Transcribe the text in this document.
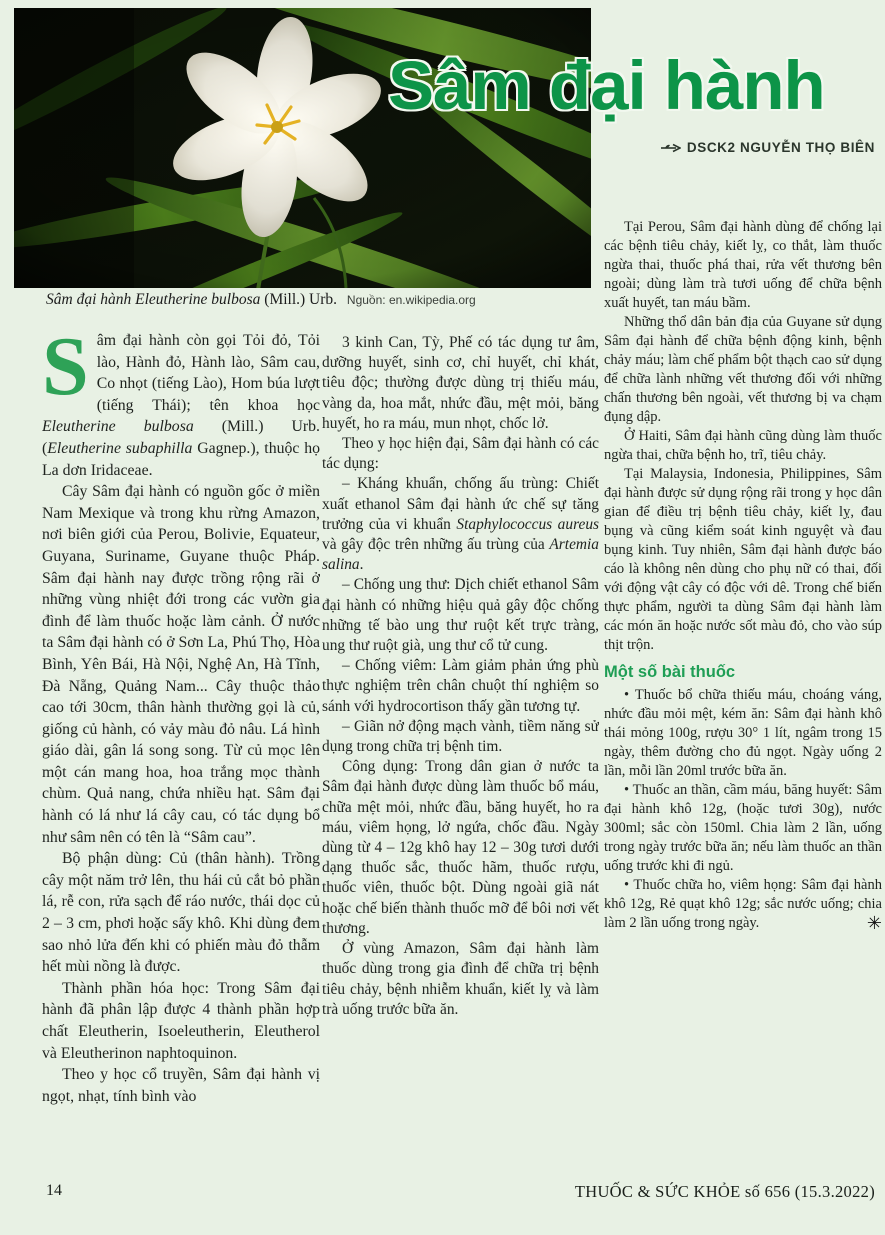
Sâm đại hành
DSCK2 NGUYỄN THỌ BIÊN
Sâm đại hành Eleutherine bulbosa (Mill.) Urb. Nguồn: en.wikipedia.org

Sâm đại hành còn gọi Tỏi đỏ, Tỏi lào, Hành đỏ, Hành lào, Sâm cau, Co nhọt (tiếng Lào), Hom búa lượt (tiếng Thái); tên khoa học Eleutherine bulbosa (Mill.) Urb. (Eleutherine subaphilla Gagnep.), thuộc họ La dơn Iridaceae.

Cây Sâm đại hành có nguồn gốc ở miền Nam Mexique và trong khu rừng Amazon, nơi biên giới của Perou, Bolivie, Equateur, Guyana, Suriname, Guyane thuộc Pháp. Sâm đại hành nay được trồng rộng rãi ở những vùng nhiệt đới trong các vườn gia đình để làm thuốc hoặc làm cảnh. Ở nước ta Sâm đại hành có ở Sơn La, Phú Thọ, Hòa Bình, Yên Bái, Hà Nội, Nghệ An, Hà Tĩnh, Đà Nẵng, Quảng Nam... Cây thuộc thảo cao tới 30cm, thân hành thường gọi là củ, giống củ hành, có vảy màu đỏ nâu. Lá hình giáo dài, gân lá song song. Từ củ mọc lên một cán mang hoa, hoa trắng mọc thành chùm. Quả nang, chứa nhiều hạt. Sâm đại hành có lá như lá cây cau, có tác dụng bổ như sâm nên có tên là “Sâm cau”.

Bộ phận dùng: Củ (thân hành). Trồng cây một năm trở lên, thu hái củ cắt bỏ phần lá, rễ con, rửa sạch để ráo nước, thái dọc củ 2 – 3 cm, phơi hoặc sấy khô. Khi dùng đem sao nhỏ lửa đến khi có phiến màu đỏ thẫm hết mùi nồng là được.

Thành phần hóa học: Trong Sâm đại hành đã phân lập được 4 thành phần hợp chất Eleutherin, Isoeleutherin, Eleutherol và Eleutherinon naphtoquinon.

Theo y học cổ truyền, Sâm đại hành vị ngọt, nhạt, tính bình vào

3 kinh Can, Tỳ, Phế có tác dụng tư âm, dưỡng huyết, sinh cơ, chỉ huyết, chỉ khát, tiêu độc; thường được dùng trị thiếu máu, vàng da, hoa mắt, nhức đầu, mệt mỏi, băng huyết, ho ra máu, mun nhọt, chốc lở.

Theo y học hiện đại, Sâm đại hành có các tác dụng:

– Kháng khuẩn, chống ấu trùng: Chiết xuất ethanol Sâm đại hành ức chế sự tăng trưởng của vi khuẩn Staphylococcus aureus và gây độc trên những ấu trùng của Artemia salina.

– Chống ung thư: Dịch chiết ethanol Sâm đại hành có những hiệu quả gây độc chống những tế bào ung thư ruột kết trực tràng, ung thư ruột già, ung thư cổ tử cung.

– Chống viêm: Làm giảm phản ứng phù thực nghiệm trên chân chuột thí nghiệm so sánh với hydrocortison thấy gần tương tự.

– Giãn nở động mạch vành, tiềm năng sử dụng trong chữa trị bệnh tim.

Công dụng: Trong dân gian ở nước ta Sâm đại hành được dùng làm thuốc bổ máu, chữa mệt mỏi, nhức đầu, băng huyết, ho ra máu, viêm họng, lở ngứa, chốc đầu. Ngày dùng từ 4 – 12g khô hay 12 – 30g tươi dưới dạng thuốc sắc, thuốc hãm, thuốc rượu, thuốc viên, thuốc bột. Dùng ngoài giã nát hoặc chế biến thành thuốc mỡ để bôi nơi vết thương.

Ở vùng Amazon, Sâm đại hành làm thuốc dùng trong gia đình để chữa trị bệnh tiêu chảy, bệnh nhiễm khuẩn, kiết lỵ và làm trà uống trước bữa ăn.

Tại Perou, Sâm đại hành dùng để chống lại các bệnh tiêu chảy, kiết lỵ, co thắt, làm thuốc ngừa thai, thuốc phá thai, rửa vết thương bên ngoài; dùng làm trà tươi uống để chữa bệnh xuất huyết, tan máu bầm.

Những thổ dân bản địa của Guyane sử dụng Sâm đại hành để chữa bệnh động kinh, bệnh chảy máu; làm chế phẩm bột thạch cao sử dụng để chữa lành những vết thương đối với những chấn thương bên ngoài, vết thương bị va chạm đụng dập.

Ở Haiti, Sâm đại hành cũng dùng làm thuốc ngừa thai, chữa bệnh ho, trĩ, tiêu chảy.

Tại Malaysia, Indonesia, Philippines, Sâm đại hành được sử dụng rộng rãi trong y học dân gian để điều trị bệnh tiêu chảy, kiết lỵ, đau bụng và cũng kiểm soát kinh nguyệt và đau bụng kinh. Tuy nhiên, Sâm đại hành được báo cáo là không nên dùng cho phụ nữ có thai, đối với động vật cây có độc với dê. Trong chế biến thực phẩm, người ta dùng Sâm đại hành làm các món ăn hoặc nước sốt màu đỏ, cho vào súp thịt trộn.

Một số bài thuốc

• Thuốc bổ chữa thiếu máu, choáng váng, nhức đầu mỏi mệt, kém ăn: Sâm đại hành khô thái mỏng 100g, rượu 30° 1 lít, ngâm trong 15 ngày, thêm đường cho đủ ngọt. Ngày uống 2 lần, mỗi lần 20ml trước bữa ăn.

• Thuốc an thần, cầm máu, băng huyết: Sâm đại hành khô 12g, (hoặc tươi 30g), nước 300ml; sắc còn 150ml. Chia làm 2 lần, uống trong ngày trước bữa ăn; nếu làm thuốc an thần uống trước khi đi ngủ.

• Thuốc chữa ho, viêm họng: Sâm đại hành khô 12g, Rẻ quạt khô 12g; sắc nước uống; chia làm 2 lần uống trong ngày.	✳

14	THUỐC & SỨC KHỎE số 656 (15.3.2022)
